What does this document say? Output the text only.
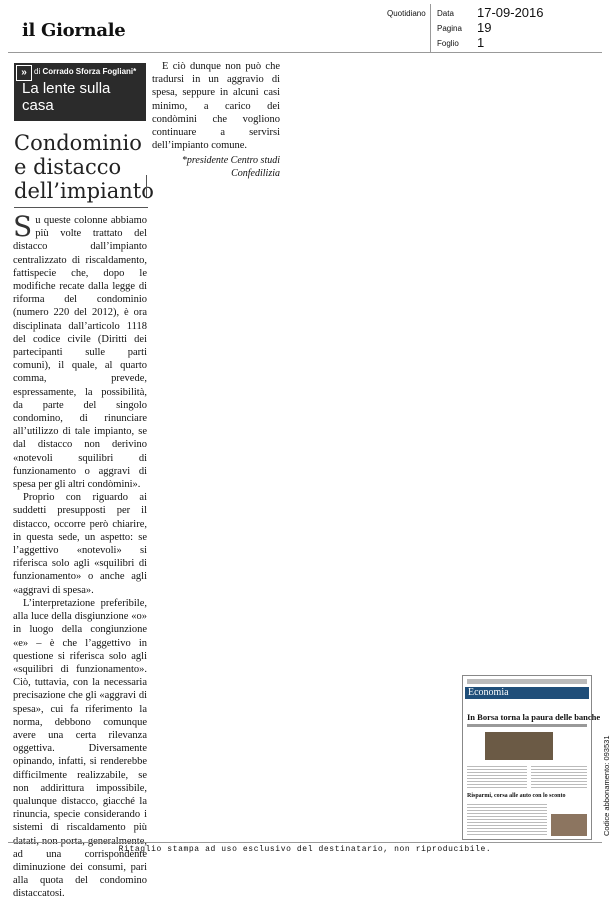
il Giornale
Quotidiano Data 17-09-2016
Pagina 19
Foglio 1
» di Corrado Sforza Fogliani*
La lente sulla casa
Condominio e distacco dell’impianto

Su queste colonne abbiamo più volte trattato del distacco dall’impianto centralizzato di riscaldamento, fattispecie che, dopo le modifiche recate dalla legge di riforma del condominio (numero 220 del 2012), è ora disciplinata dall’articolo 1118 del codice civile (Diritti dei partecipanti sulle parti comuni), il quale, al quarto comma, prevede, espressamente, la possibilità, da parte del singolo condomino, di rinunciare all’utilizzo di tale impianto, se dal distacco non derivino «notevoli squilibri di funzionamento o aggravi di spesa per gli altri condòmini».

Proprio con riguardo ai suddetti presupposti per il distacco, occorre però chiarire, in questa sede, un aspetto: se l’aggettivo «notevoli» si riferisca solo agli «squilibri di funzionamento» o anche agli «aggravi di spesa».

L’interpretazione preferibile, alla luce della disgiunzione «o» in luogo della congiunzione «e» – è che l’aggettivo in questione si riferisca solo agli «squilibri di funzionamento». Ciò, tuttavia, con la necessaria precisazione che gli «aggravi di spesa», cui fa riferimento la norma, debbono comunque avere una certa rilevanza oggettiva. Diversamente opinando, infatti, si renderebbe difficilmente realizzabile, se non addirittura impossibile, qualunque distacco, giacché la rinuncia, specie considerando i sistemi di riscaldamento più datati, non porta, generalmente, ad una corrispondente diminuzione dei consumi, pari alla quota del condomino distaccatosi.

E ciò dunque non può che tradursi in un aggravio di spesa, seppure in alcuni casi minimo, a carico dei condòmini che vogliono continuare a servirsi dell’impianto comune.

*presidente Centro studi
Confedilizia
Economia
In Borsa torna la paura delle banche
Risparmi, corsa alle auto con lo sconto	Codice abbonamento: 093531
Ritaglio stampa ad uso esclusivo del destinatario, non riproducibile.
